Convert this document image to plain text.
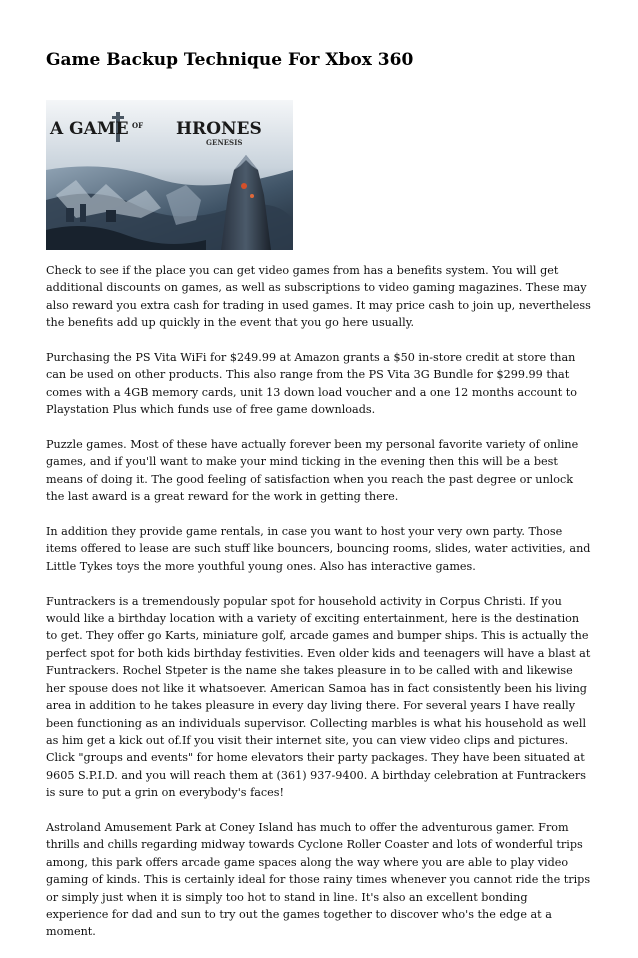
Game Backup Technique For Xbox 360
A GAME OF HRONES
GENESIS

Check to see if the place you can get video games from has a benefits system. You will get additional discounts on games, as well as subscriptions to video gaming magazines. These may also reward you extra cash for trading in used games. It may price cash to join up, nevertheless the benefits add up quickly in the event that you go here usually.

Purchasing the PS Vita WiFi for $249.99 at Amazon grants a $50 in-store credit at store than can be used on other products. This also range from the PS Vita 3G Bundle for $299.99 that comes with a 4GB memory cards, unit 13 down load voucher and a one 12 months account to Playstation Plus which funds use of free game downloads.

Puzzle games. Most of these have actually forever been my personal favorite variety of online games, and if you'll want to make your mind ticking in the evening then this will be a best means of doing it. The good feeling of satisfaction when you reach the past degree or unlock the last award is a great reward for the work in getting there.

In addition they provide game rentals, in case you want to host your very own party. Those items offered to lease are such stuff like bouncers, bouncing rooms, slides, water activities, and Little Tykes toys the more youthful young ones. Also has interactive games.

Funtrackers is a tremendously popular spot for household activity in Corpus Christi. If you would like a birthday location with a variety of exciting entertainment, here is the destination to get. They offer go Karts, miniature golf, arcade games and bumper ships. This is actually the perfect spot for both kids birthday festivities. Even older kids and teenagers will have a blast at Funtrackers. Rochel Stpeter is the name she takes pleasure in to be called with and likewise her spouse does not like it whatsoever. American Samoa has in fact consistently been his living area in addition to he takes pleasure in every day living there. For several years I have really been functioning as an individuals supervisor. Collecting marbles is what his household as well as him get a kick out of.If you visit their internet site, you can view video clips and pictures. Click "groups and events" for home elevators their party packages. They have been situated at 9605 S.P.I.D. and you will reach them at (361) 937-9400. A birthday celebration at Funtrackers is sure to put a grin on everybody's faces!

Astroland Amusement Park at Coney Island has much to offer the adventurous gamer. From thrills and chills regarding midway towards Cyclone Roller Coaster and lots of wonderful trips among, this park offers arcade game spaces along the way where you are able to play video gaming of kinds. This is certainly ideal for those rainy times whenever you cannot ride the trips or simply just when it is simply too hot to stand in line. It's also an excellent bonding experience for dad and sun to try out the games together to discover who's the edge at a moment.
